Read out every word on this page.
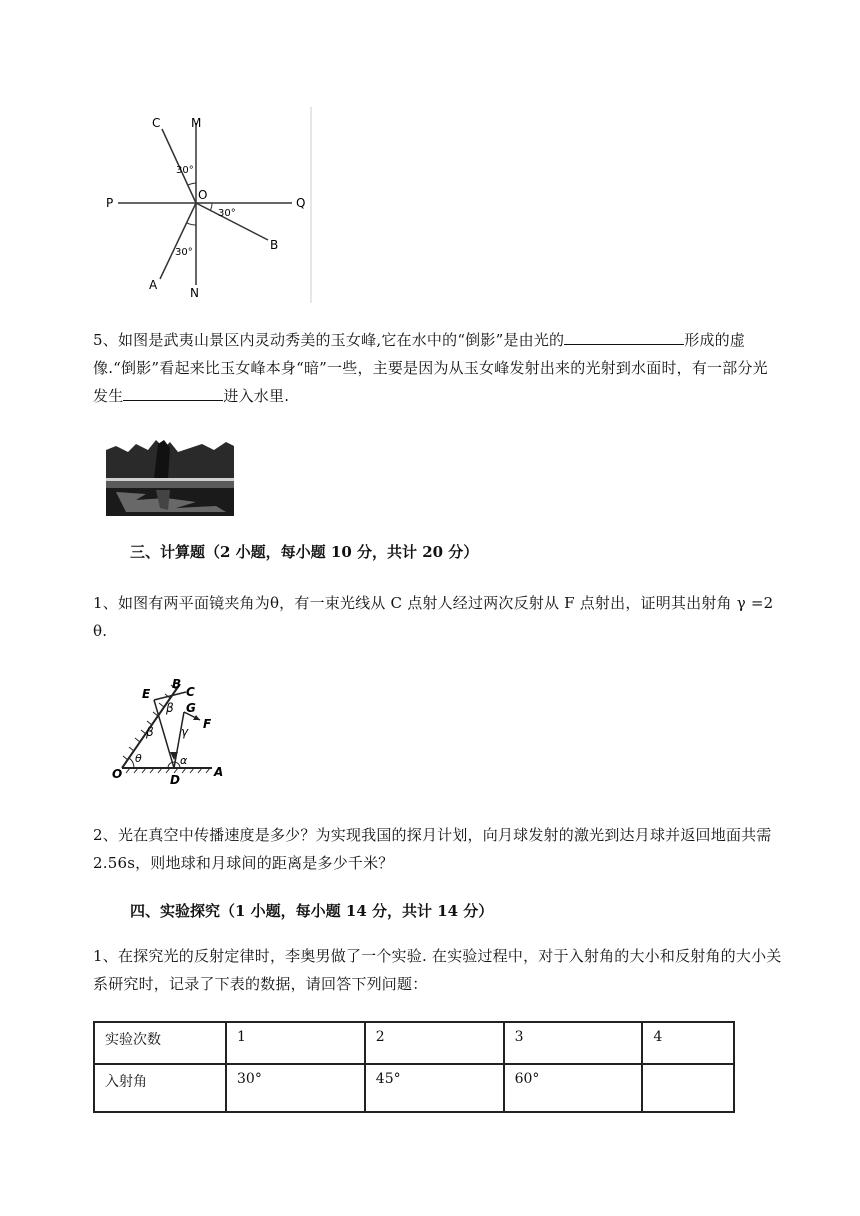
C	M
P
O
Q
B
A
N
30°
30°
30°
5、如图是武夷山景区内灵动秀美的玉女峰,它在水中的“倒影”是由光的	形成的虚像.“倒影”看起来比玉女峰本身“暗”一些，主要是因为从玉女峰发射出来的光射到水面时，有一部分光发生	进入水里.
三、计算题（2 小题，每小题 10 分，共计 20 分）
1、如图有两平面镜夹角为θ，有一束光线从 C 点射人经过两次反射从 F 点射出，证明其出射角 γ =2 θ.
E
B
C
G
F
O	D
A
β
β γ
θ	α
2、光在真空中传播速度是多少？为实现我国的探月计划，向月球发射的激光到达月球并返回地面共需 2.56s，则地球和月球间的距离是多少千米？
四、实验探究（1 小题，每小题 14 分，共计 14 分）
1、在探究光的反射定律时，李奥男做了一个实验. 在实验过程中，对于入射角的大小和反射角的大小关系研究时，记录了下表的数据，请回答下列问题：
实验次数	1	2	3	4
入射角	30°	45°	60°	
